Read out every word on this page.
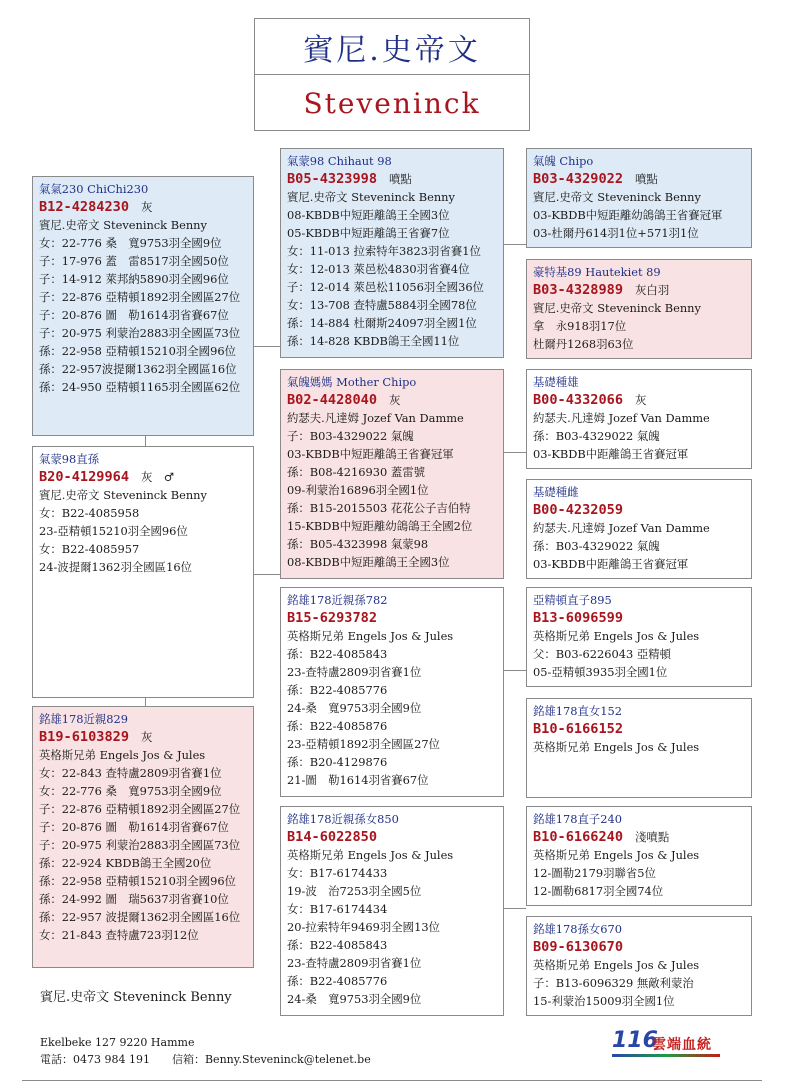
賓尼.史帝文
Steveninck
氣氣230 ChiChi230
B12-4284230 灰
賓尼.史帝文 Steveninck Benny
女：22-776 桑　寬9753羽全國9位
子：17-976 蓋　雷8517羽全國50位
子：14-912 萊邦納5890羽全國96位
子：22-876 亞精頓1892羽全國區27位
子：20-876 圖　勒1614羽省賽67位
子：20-975 利蒙治2883羽全國區73位
孫：22-958 亞精頓15210羽全國96位
孫：22-957波提爾1362羽全國區16位
孫：24-950 亞精頓1165羽全國區62位
氣蒙98直孫
B20-4129964 灰　♂
賓尼.史帝文 Steveninck Benny
女：B22-4085958
23-亞精頓15210羽全國96位
女：B22-4085957
24-波提爾1362羽全國區16位
銘雄178近親829
B19-6103829 灰
英格斯兄弟 Engels Jos & Jules
女：22-843 查特盧2809羽省賽1位
女：22-776 桑　寬9753羽全國9位
子：22-876 亞精頓1892羽全國區27位
子：20-876 圖　勒1614羽省賽67位
子：20-975 利蒙治2883羽全國區73位
孫：22-924 KBDB鴿王全國20位
孫：22-958 亞精頓15210羽全國96位
孫：24-992 圖　瑞5637羽省賽10位
孫：22-957 波提爾1362羽全國區16位
女：21-843 查特盧723羽12位
氣蒙98 Chihaut 98
B05-4323998 噴點
賓尼.史帝文 Steveninck Benny
08-KBDB中短距離鴿王全國3位
05-KBDB中短距離鴿王省賽7位
女：11-013 拉索特年3823羽省賽1位
女：12-013 萊邑松4830羽省賽4位
子：12-014 萊邑松11056羽全國36位
女：13-708 查特盧5884羽全國78位
孫：14-884 杜爾斯24097羽全國1位
孫：14-828 KBDB鴿王全國11位
氣魄媽媽 Mother Chipo
B02-4428040 灰
約瑟夫.凡達姆 Jozef Van Damme
子：B03-4329022 氣魄
03-KBDB中短距離鴿王省賽冠軍
孫：B08-4216930 蓋雷號
09-利蒙治16896羽全國1位
孫：B15-2015503 花花公子吉伯特
15-KBDB中短距離幼鴿鴿王全國2位
孫：B05-4323998 氣蒙98
08-KBDB中短距離鴿王全國3位
銘雄178近親孫782
B15-6293782
英格斯兄弟 Engels Jos & Jules
孫：B22-4085843
23-查特盧2809羽省賽1位
孫：B22-4085776
24-桑　寬9753羽全國9位
孫：B22-4085876
23-亞精頓1892羽全國區27位
孫：B20-4129876
21-圖　勒1614羽省賽67位
銘雄178近親孫女850
B14-6022850
英格斯兄弟 Engels Jos & Jules
女：B17-6174433
19-波　治7253羽全國5位
女：B17-6174434
20-拉索特年9469羽全國13位
孫：B22-4085843
23-查特盧2809羽省賽1位
孫：B22-4085776
24-桑　寬9753羽全國9位
氣魄 Chipo
B03-4329022 噴點
賓尼.史帝文 Steveninck Benny
03-KBDB中短距離幼鴿鴿王省賽冠軍
03-杜爾丹614羽1位+571羽1位
豪特基89 Hautekiet 89
B03-4328989 灰白羽
賓尼.史帝文 Steveninck Benny
拿　永918羽17位
杜爾丹1268羽63位
基礎種雄
B00-4332066 灰
約瑟夫.凡達姆 Jozef Van Damme
孫：B03-4329022 氣魄
03-KBDB中距離鴿王省賽冠軍
基礎種雌
B00-4232059
約瑟夫.凡達姆 Jozef Van Damme
孫：B03-4329022 氣魄
03-KBDB中距離鴿王省賽冠軍
亞精頓直子895
B13-6096599
英格斯兄弟 Engels Jos & Jules
父：B03-6226043 亞精頓
05-亞精頓3935羽全國1位
銘雄178直女152
B10-6166152
英格斯兄弟 Engels Jos & Jules
銘雄178直子240
B10-6166240 淺噴點
英格斯兄弟 Engels Jos & Jules
12-圖勒2179羽聯省5位
12-圖勒6817羽全國74位
銘雄178孫女670
B09-6130670
英格斯兄弟 Engels Jos & Jules
子：B13-6096329 無敵利蒙治
15-利蒙治15009羽全國1位
賓尼.史帝文 Steveninck Benny
Ekelbeke 127 9220 Hamme
電話：0473 984 191　　信箱：Benny.Steveninck@telenet.be
116
雲端血統
